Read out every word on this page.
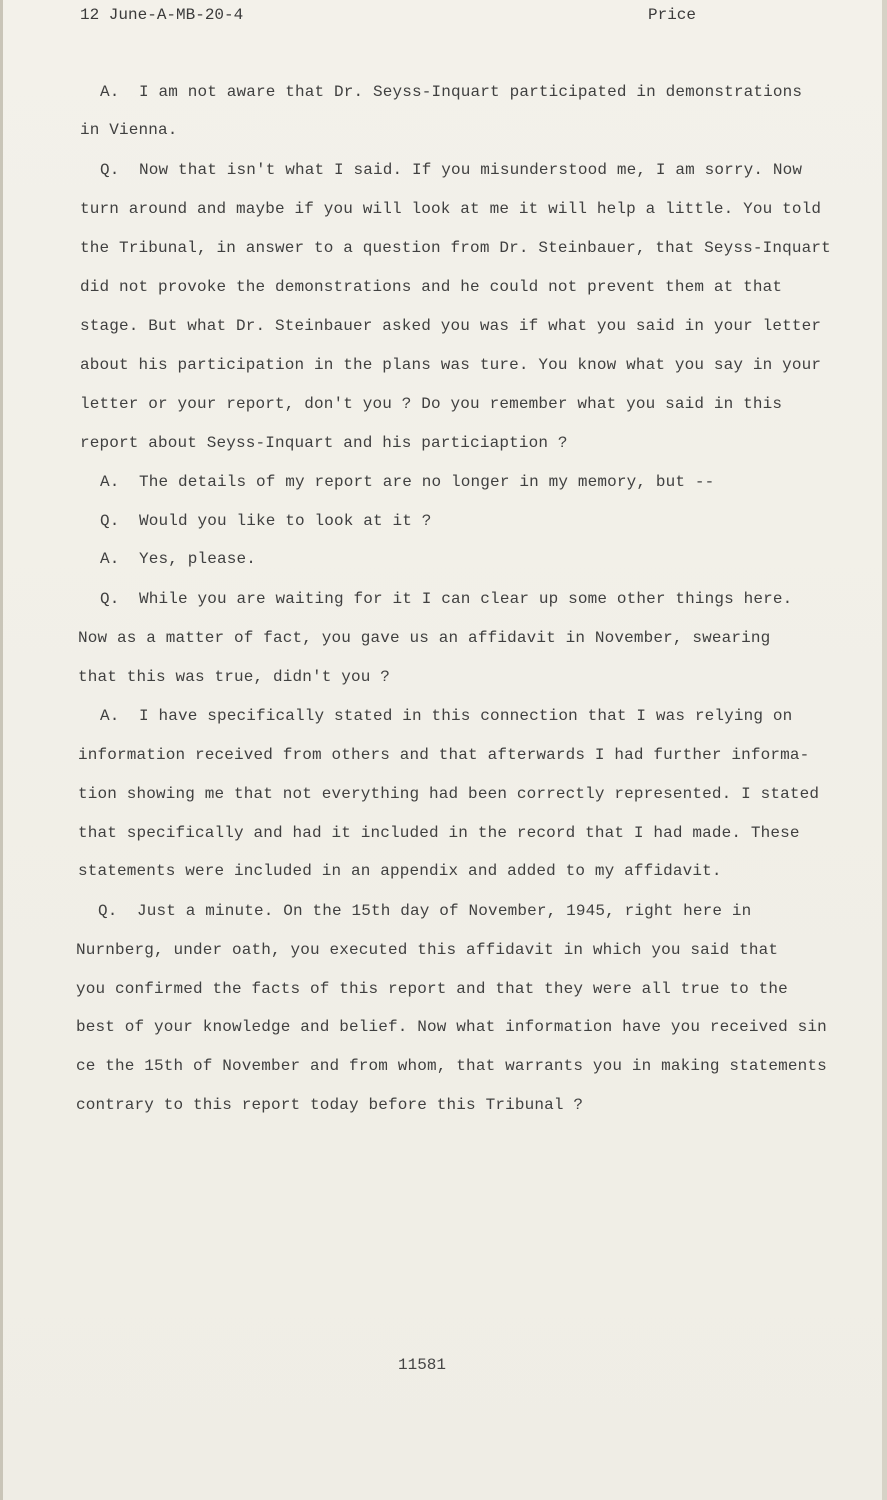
12 June-A-MB-20-4	Price
A.  I am not aware that Dr. Seyss-Inquart participated in demonstrations
in Vienna.
Q.  Now that isn't what I said. If you misunderstood me, I am sorry. Now
turn around and maybe if you will look at me it will help a little. You told
the Tribunal, in answer to a question from Dr. Steinbauer, that Seyss-Inquart
did not provoke the demonstrations and he could not prevent them at that
stage. But what Dr. Steinbauer asked you was if what you said in your letter
about his participation in the plans was ture. You know what you say in your
letter or your report, don't you ? Do you remember what you said in this
report about Seyss-Inquart and his particiaption ?
A.  The details of my report are no longer in my memory, but --
Q.  Would you like to look at it ?
A.  Yes, please.
Q.  While you are waiting for it I can clear up some other things here.
Now as a matter of fact, you gave us an affidavit in November, swearing
that this was true, didn't you ?
A.  I have specifically stated in this connection that I was relying on
information received from others and that afterwards I had further informa-
tion showing me that not everything had been correctly represented. I stated
that specifically and had it included in the record that I had made. These
statements were included in an appendix and added to my affidavit.
Q.  Just a minute. On the 15th day of November, 1945, right here in
Nurnberg, under oath, you executed this affidavit in which you said that
you confirmed the facts of this report and that they were all true to the
best of your knowledge and belief. Now what information have you received sin
ce the 15th of November and from whom, that warrants you in making statements
contrary to this report today before this Tribunal ?
11581
